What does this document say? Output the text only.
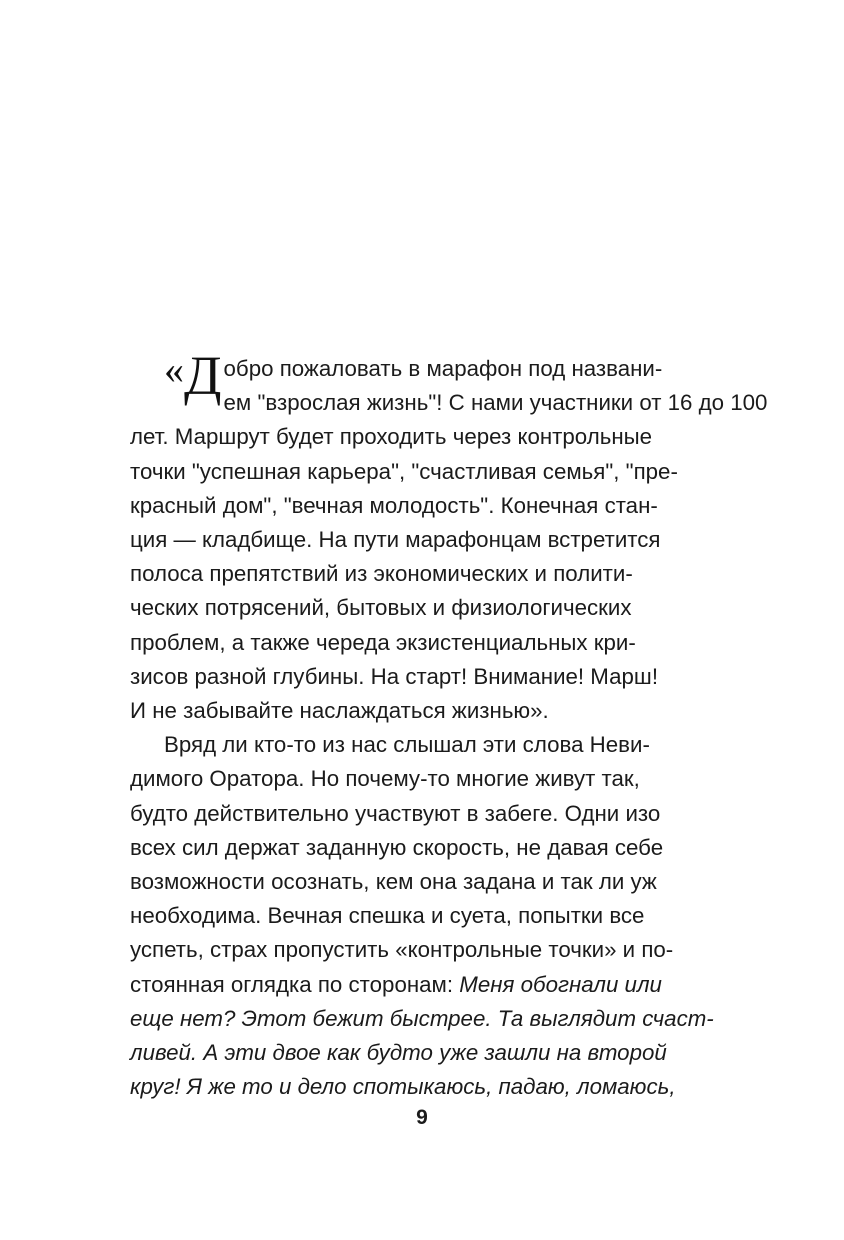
«Д обро пожаловать в марафон под названи-
ем "взрослая жизнь"! С нами участники от 16 до 100
лет. Маршрут будет проходить через контрольные
точки "успешная карьера", "счастливая семья", "пре-
красный дом", "вечная молодость". Конечная стан-
ция — кладбище. На пути марафонцам встретится
полоса препятствий из экономических и полити-
ческих потрясений, бытовых и физиологических
проблем, а также череда экзистенциальных кри-
зисов разной глубины. На старт! Внимание! Марш!
И не забывайте наслаждаться жизнью».

Вряд ли кто-то из нас слышал эти слова Неви-
димого Оратора. Но почему-то многие живут так,
будто действительно участвуют в забеге. Одни изо
всех сил держат заданную скорость, не давая себе
возможности осознать, кем она задана и так ли уж
необходима. Вечная спешка и суета, попытки все
успеть, страх пропустить «контрольные точки» и по-
стоянная оглядка по сторонам: Меня обогнали или
еще нет? Этот бежит быстрее. Та выглядит счаст-
ливей. А эти двое как будто уже зашли на второй
круг! Я же то и дело спотыкаюсь, падаю, ломаюсь,

9
